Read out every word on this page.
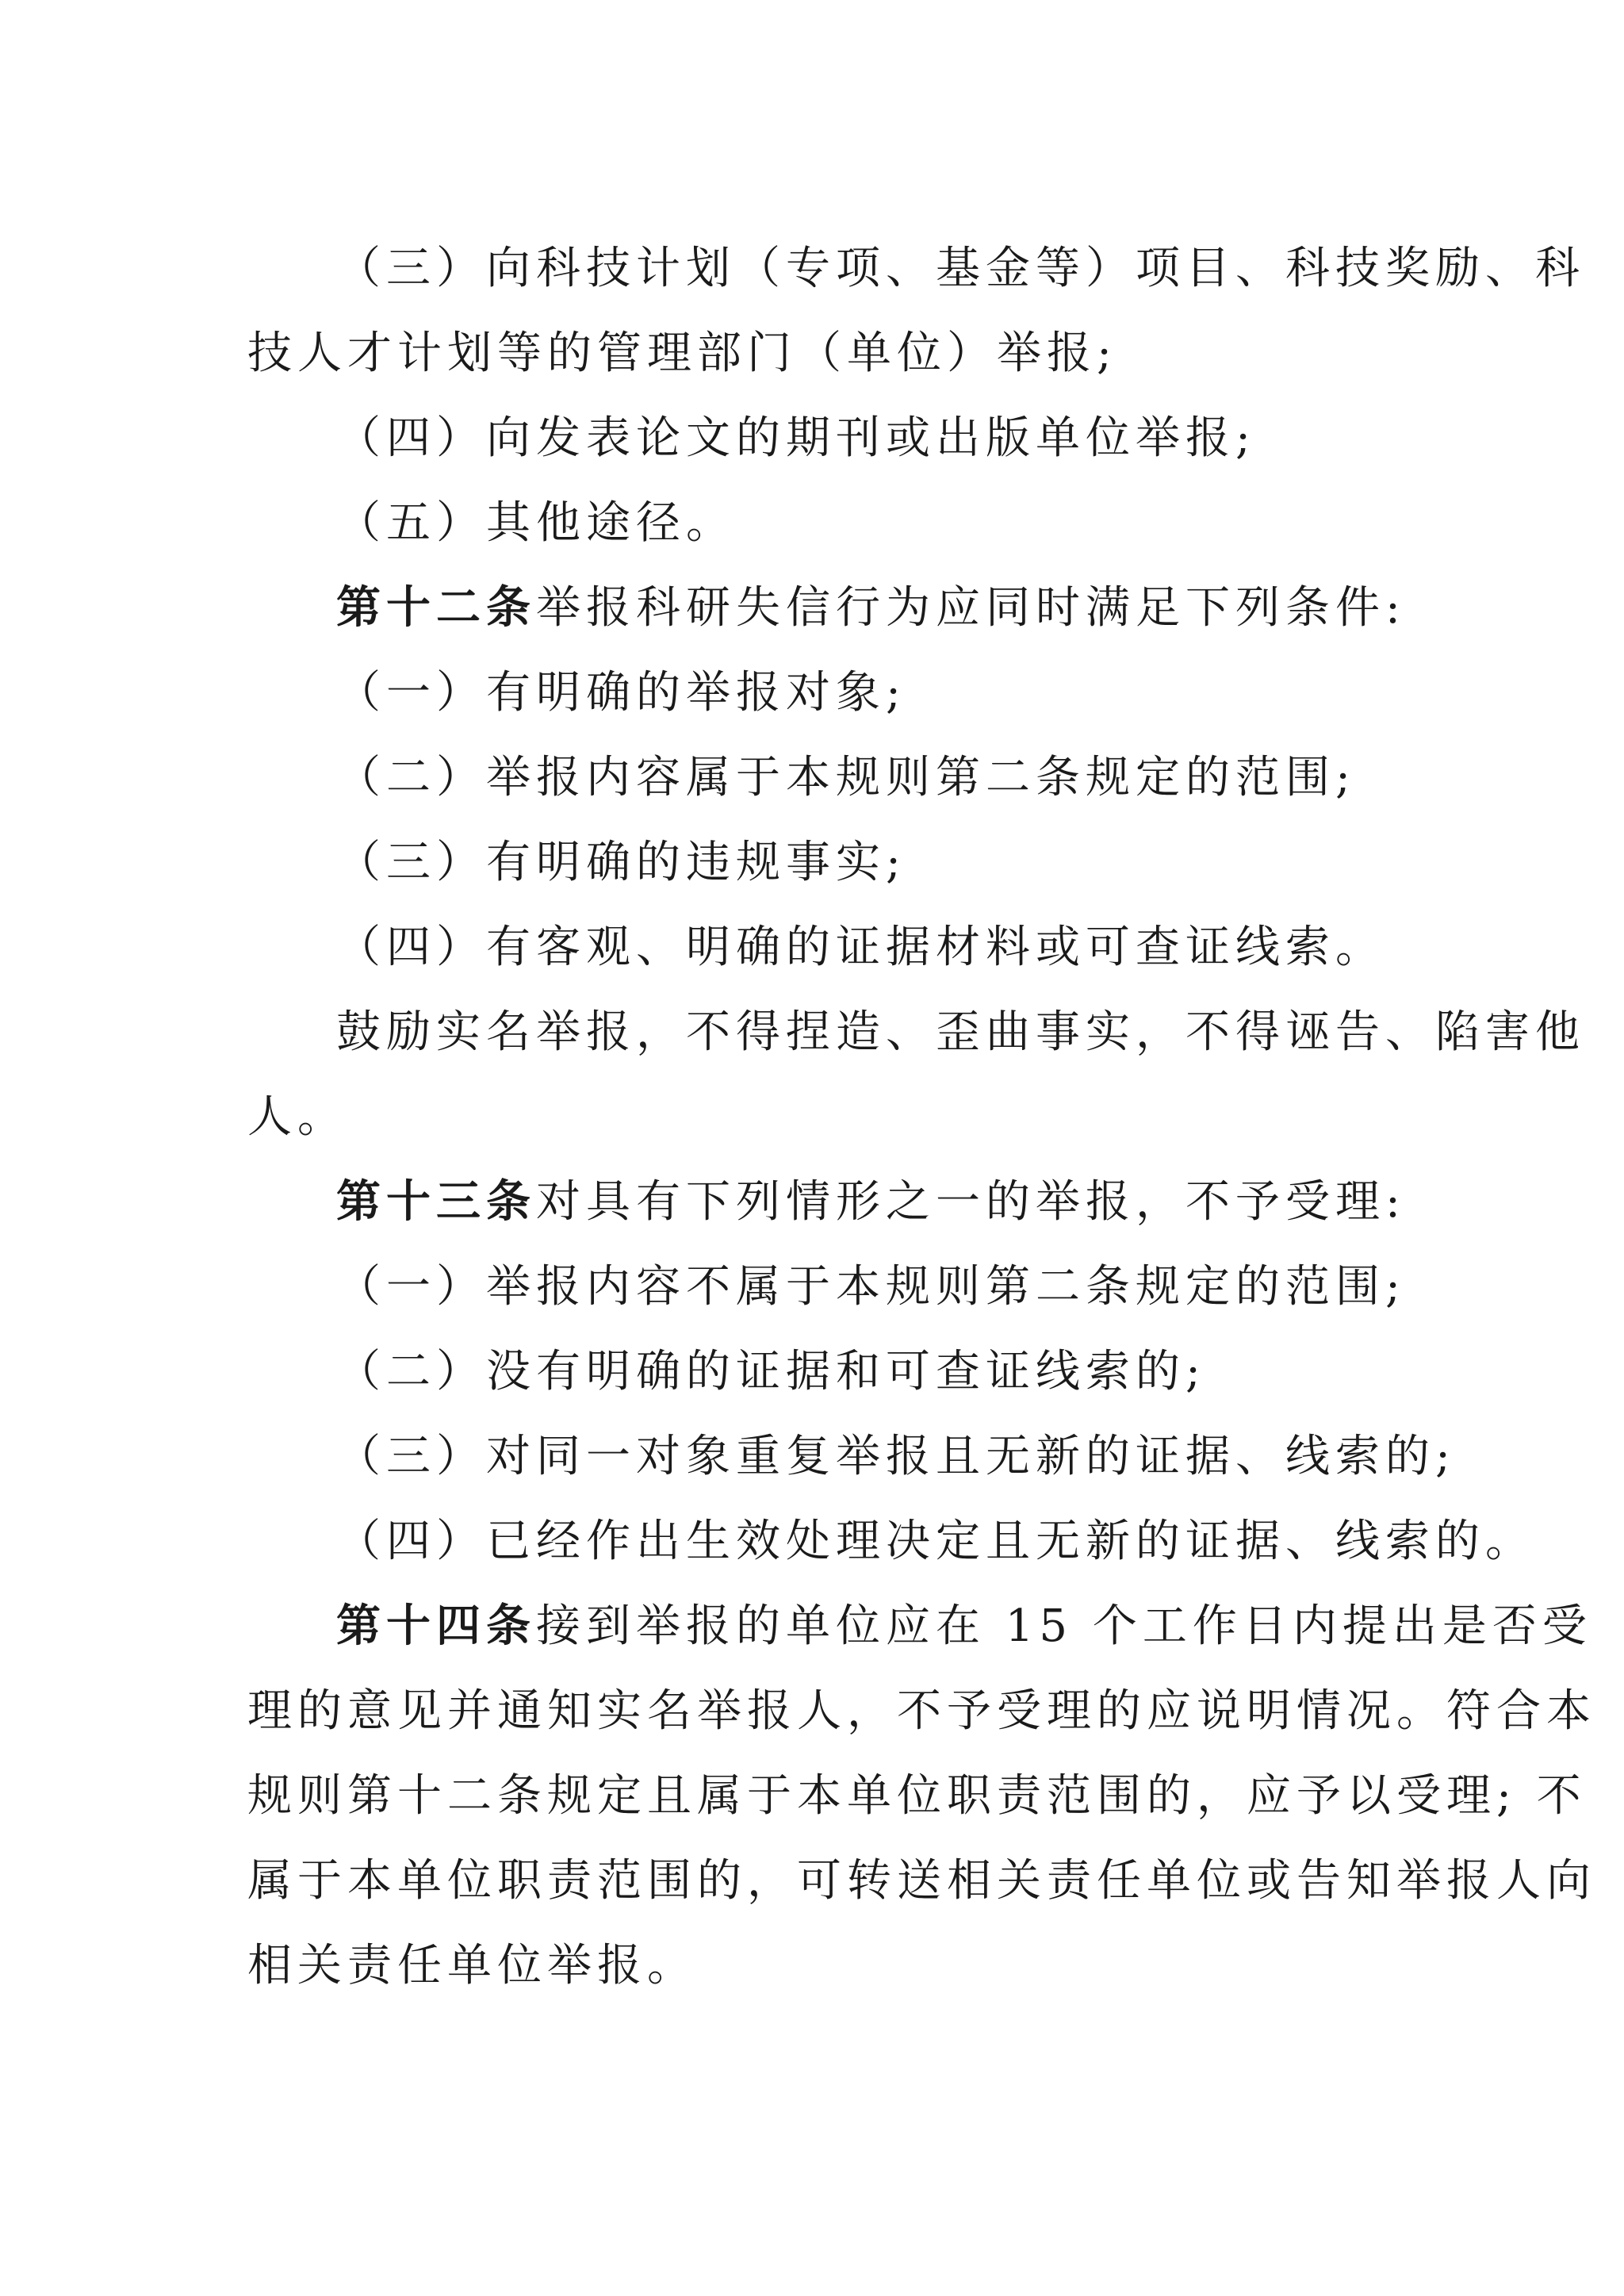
（三）向科技计划（专项、基金等）项目、科技奖励、科
技人才计划等的管理部门（单位）举报;
（四）向发表论文的期刊或出版单位举报;
（五）其他途径。
第十二条举报科研失信行为应同时满足下列条件:
（一）有明确的举报对象;
（二）举报内容属于本规则第二条规定的范围;
（三）有明确的违规事实;
（四）有客观、明确的证据材料或可查证线索。
鼓励实名举报，不得捏造、歪曲事实，不得诬告、陷害他
人。
第十三条对具有下列情形之一的举报，不予受理:
（一）举报内容不属于本规则第二条规定的范围;
（二）没有明确的证据和可查证线索的;
（三）对同一对象重复举报且无新的证据、线索的;
（四）已经作出生效处理决定且无新的证据、线索的。
第十四条接到举报的单位应在 15 个工作日内提出是否受
理的意见并通知实名举报人，不予受理的应说明情况。符合本
规则第十二条规定且属于本单位职责范围的，应予以受理; 不
属于本单位职责范围的，可转送相关责任单位或告知举报人向
相关责任单位举报。
